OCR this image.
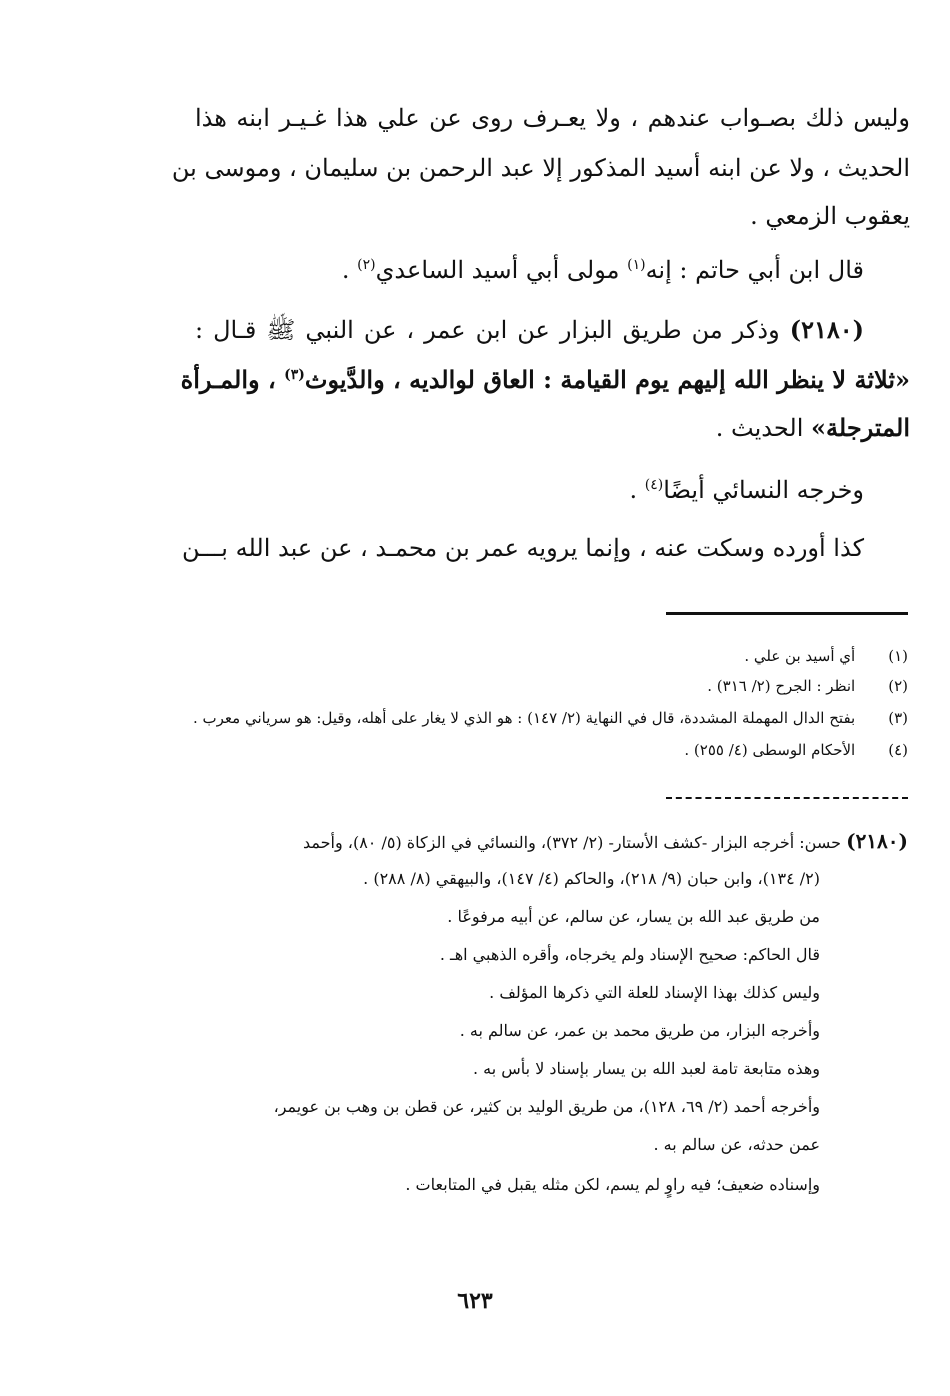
وليس ذلك بصـواب عندهم ، ولا يعـرف روى عن علي هذا غـيـر ابنه هذا
الحديث ، ولا عن ابنه أسيد المذكور إلا عبد الرحمن بن سليمان ، وموسى بن
يعقوب الزمعي .
قال ابن أبي حاتم : إنه$^{(١)}$ مولى أبي أسيد الساعدي$^{(٢)}$ .
(٢١٨٠) وذكر من طريق البزار عن ابن عمر ، عن النبي ﷺ قـال :
«ثلاثة لا ينظر الله إليهم يوم القيامة : العاق لوالديه ، والدَّيوث$^{(٣)}$ ، والمـرأة
المترجلة» الحديث .
وخرجه النسائي أيضًا$^{(٤)}$ .
كذا أورده وسكت عنه ، وإنما يرويه عمر بن محمـد ، عن عبد الله بـــن
(١) أي أسيد بن علي .
(٢) انظر : الجرح (٢/ ٣١٦) .
(٣) بفتح الدال المهملة المشددة، قال في النهاية (٢/ ١٤٧) : هو الذي لا يغار على أهله، وقيل: هو سرياني معرب .
(٤) الأحكام الوسطى (٤/ ٢٥٥) .
(٢١٨٠) حسن: أخرجه البزار -كشف الأستار- (٢/ ٣٧٢)، والنسائي في الزكاة (٥/ ٨٠)، وأحمد
(٢/ ١٣٤)، وابن حبان (٩/ ٢١٨)، والحاكم (٤/ ١٤٧)، والبيهقي (٨/ ٢٨٨) .
من طريق عبد الله بن يسار، عن سالم، عن أبيه مرفوعًا .
قال الحاكم: صحيح الإسناد ولم يخرجاه، وأقره الذهبي اهـ .
وليس كذلك بهذا الإسناد للعلة التي ذكرها المؤلف .
وأخرجه البزار، من طريق محمد بن عمر، عن سالم به .
وهذه متابعة تامة لعبد الله بن يسار بإسناد لا بأس به .
وأخرجه أحمد (٢/ ٦٩، ١٢٨)، من طريق الوليد بن كثير، عن قطن بن وهب بن عويمر،
عمن حدثه، عن سالم به .
وإسناده ضعيف؛ فيه راوٍ لم يسم، لكن مثله يقبل في المتابعات .
٦٢٣
